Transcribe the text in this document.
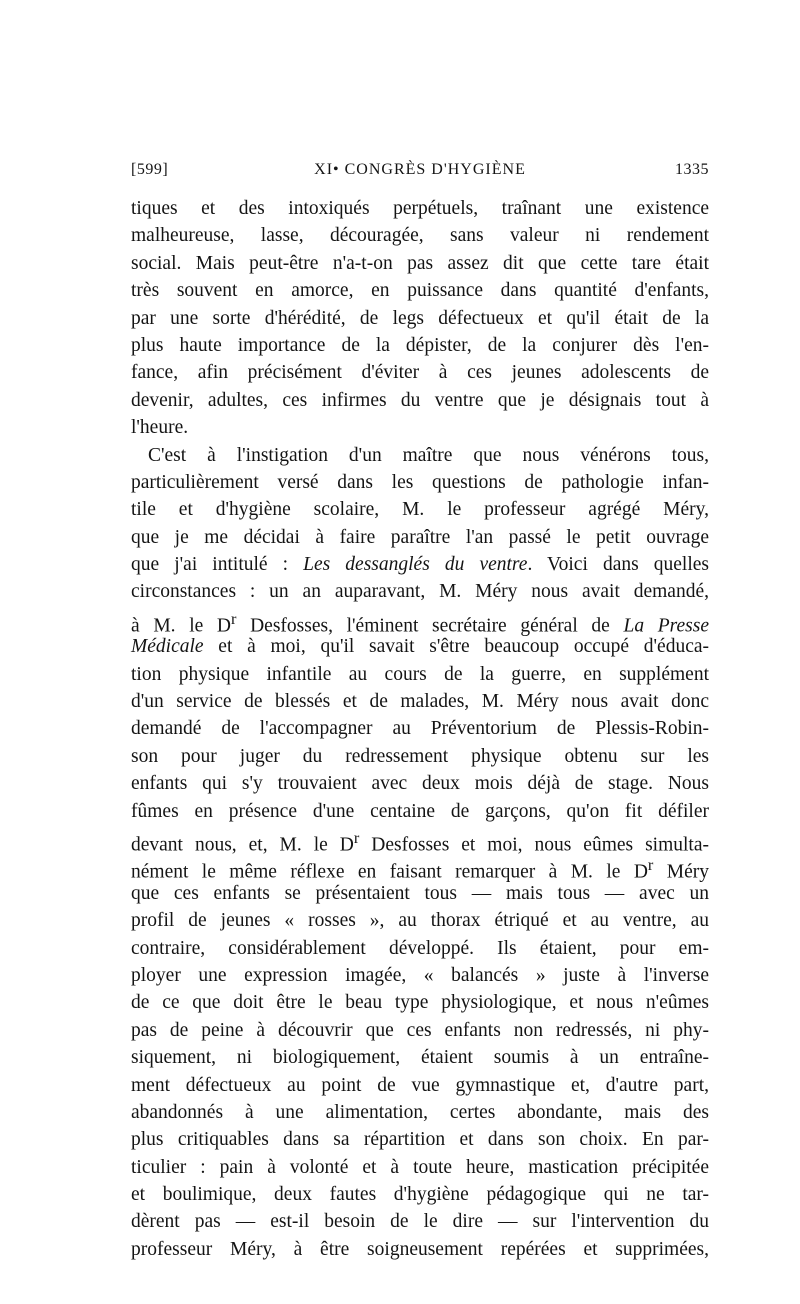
[599]	XI• CONGRÈS D'HYGIÈNE	1335
tiques et des intoxiqués perpétuels, traînant une existence
malheureuse, lasse, découragée, sans valeur ni rendement
social. Mais peut-être n'a-t-on pas assez dit que cette tare était
très souvent en amorce, en puissance dans quantité d'enfants,
par une sorte d'hérédité, de legs défectueux et qu'il était de la
plus haute importance de la dépister, de la conjurer dès l'en-
fance, afin précisément d'éviter à ces jeunes adolescents de
devenir, adultes, ces infirmes du ventre que je désignais tout à
l'heure.
C'est à l'instigation d'un maître que nous vénérons tous,
particulièrement versé dans les questions de pathologie infan-
tile et d'hygiène scolaire, M. le professeur agrégé Méry,
que je me décidai à faire paraître l'an passé le petit ouvrage
que j'ai intitulé : Les dessanglés du ventre. Voici dans quelles
circonstances : un an auparavant, M. Méry nous avait demandé,
à M. le $D^r$ Desfosses, l'éminent secrétaire général de La Presse
Médicale et à moi, qu'il savait s'être beaucoup occupé d'éduca-
tion physique infantile au cours de la guerre, en supplément
d'un service de blessés et de malades, M. Méry nous avait donc
demandé de l'accompagner au Préventorium de Plessis-Robin-
son pour juger du redressement physique obtenu sur les
enfants qui s'y trouvaient avec deux mois déjà de stage. Nous
fûmes en présence d'une centaine de garçons, qu'on fit défiler
devant nous, et, M. le $D^r$ Desfosses et moi, nous eûmes simulta-
nément le même réflexe en faisant remarquer à M. le $D^r$ Méry
que ces enfants se présentaient tous — mais tous — avec un
profil de jeunes « rosses », au thorax étriqué et au ventre, au
contraire, considérablement développé. Ils étaient, pour em-
ployer une expression imagée, « balancés » juste à l'inverse
de ce que doit être le beau type physiologique, et nous n'eûmes
pas de peine à découvrir que ces enfants non redressés, ni phy-
siquement, ni biologiquement, étaient soumis à un entraîne-
ment défectueux au point de vue gymnastique et, d'autre part,
abandonnés à une alimentation, certes abondante, mais des
plus critiquables dans sa répartition et dans son choix. En par-
ticulier : pain à volonté et à toute heure, mastication précipitée
et boulimique, deux fautes d'hygiène pédagogique qui ne tar-
dèrent pas — est-il besoin de le dire — sur l'intervention du
professeur Méry, à être soigneusement repérées et supprimées,
